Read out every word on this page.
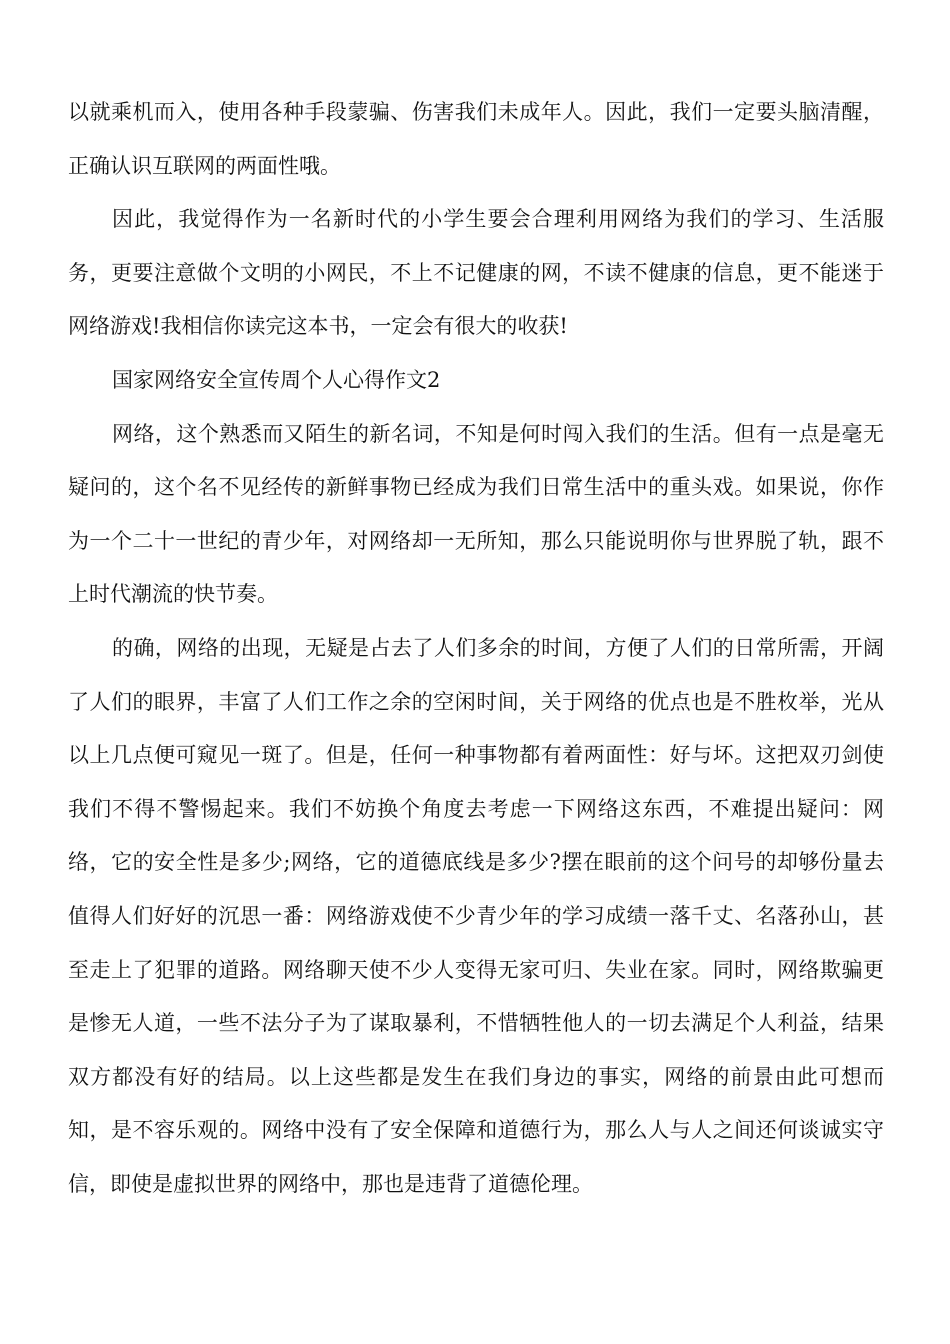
以就乘机而入，使用各种手段蒙骗、伤害我们未成年人。因此，我们一定要头脑清醒，正确认识互联网的两面性哦。

因此，我觉得作为一名新时代的小学生要会合理利用网络为我们的学习、生活服务，更要注意做个文明的小网民，不上不记健康的网，不读不健康的信息，更不能迷于网络游戏!我相信你读完这本书，一定会有很大的收获!

国家网络安全宣传周个人心得作文2

网络，这个熟悉而又陌生的新名词，不知是何时闯入我们的生活。但有一点是毫无疑问的，这个名不见经传的新鲜事物已经成为我们日常生活中的重头戏。如果说，你作为一个二十一世纪的青少年，对网络却一无所知，那么只能说明你与世界脱了轨，跟不上时代潮流的快节奏。

的确，网络的出现，无疑是占去了人们多余的时间，方便了人们的日常所需，开阔了人们的眼界，丰富了人们工作之余的空闲时间，关于网络的优点也是不胜枚举，光从以上几点便可窥见一斑了。但是，任何一种事物都有着两面性：好与坏。这把双刃剑使我们不得不警惕起来。我们不妨换个角度去考虑一下网络这东西，不难提出疑问：网络，它的安全性是多少;网络，它的道德底线是多少?摆在眼前的这个问号的却够份量去值得人们好好的沉思一番：网络游戏使不少青少年的学习成绩一落千丈、名落孙山，甚至走上了犯罪的道路。网络聊天使不少人变得无家可归、失业在家。同时，网络欺骗更是惨无人道，一些不法分子为了谋取暴利，不惜牺牲他人的一切去满足个人利益，结果双方都没有好的结局。以上这些都是发生在我们身边的事实，网络的前景由此可想而知，是不容乐观的。网络中没有了安全保障和道德行为，那么人与人之间还何谈诚实守信，即使是虚拟世界的网络中，那也是违背了道德伦理。
